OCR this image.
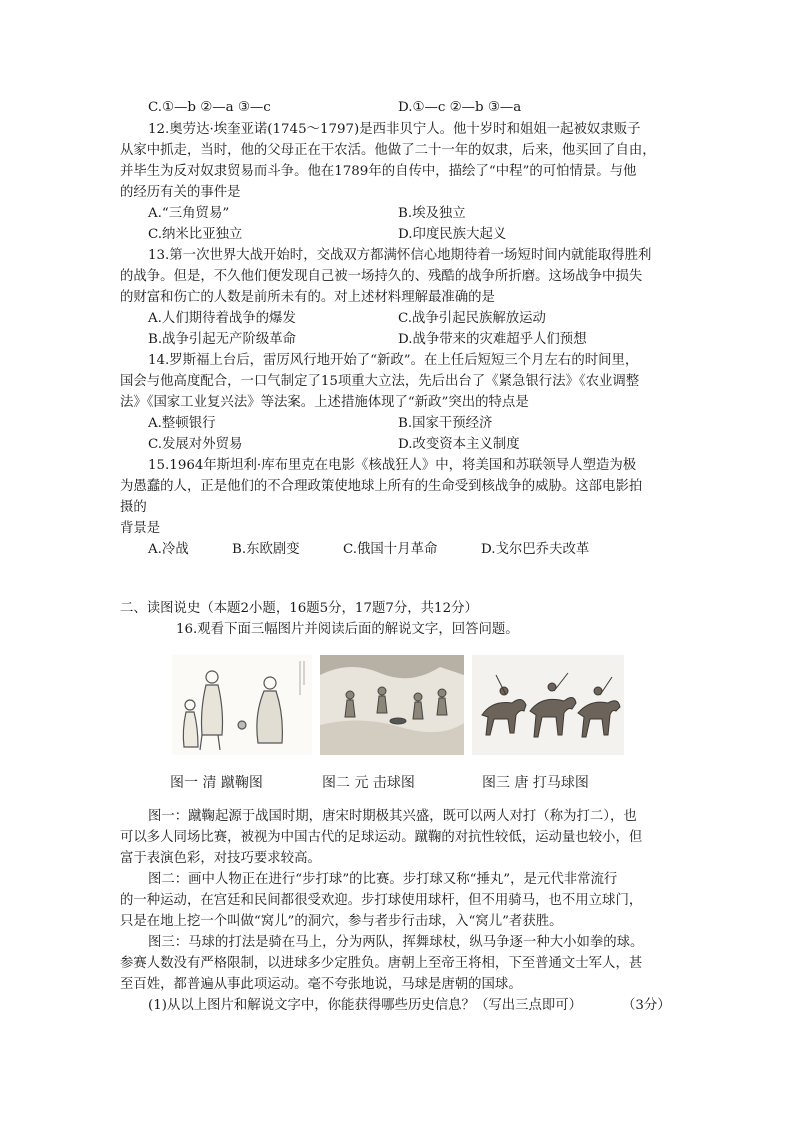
C.①—b ②—a ③—c	D.①—c ②—b ③—a
12.奥劳达·埃奎亚诺(1745～1797)是西非贝宁人。他十岁时和姐姐一起被奴隶贩子
从家中抓走，当时，他的父母正在干农活。他做了二十一年的奴隶，后来，他买回了自由，
并毕生为反对奴隶贸易而斗争。他在1789年的自传中，描绘了“中程”的可怕情景。与他
的经历有关的事件是
A.“三角贸易”	B.埃及独立
C.纳米比亚独立	D.印度民族大起义
13.第一次世界大战开始时，交战双方都满怀信心地期待着一场短时间内就能取得胜利
的战争。但是，不久他们便发现自己被一场持久的、残酷的战争所折磨。这场战争中损失
的财富和伤亡的人数是前所未有的。对上述材料理解最准确的是
A.人们期待着战争的爆发	C.战争引起民族解放运动
B.战争引起无产阶级革命	D.战争带来的灾难超乎人们预想
14.罗斯福上台后，雷厉风行地开始了“新政”。在上任后短短三个月左右的时间里，
国会与他高度配合，一口气制定了15项重大立法，先后出台了《紧急银行法》《农业调整
法》《国家工业复兴法》等法案。上述措施体现了“新政”突出的特点是
A.整顿银行	B.国家干预经济
C.发展对外贸易	D.改变资本主义制度
15.1964年斯坦利·库布里克在电影《核战狂人》中，将美国和苏联领导人塑造为极
为愚蠢的人，正是他们的不合理政策使地球上所有的生命受到核战争的威胁。这部电影拍
摄的
背景是
A.冷战	B.东欧剧变	C.俄国十月革命	D.戈尔巴乔夫改革
二、读图说史（本题2小题，16题5分，17题7分，共12分）
16.观看下面三幅图片并阅读后面的解说文字，回答问题。
图一 清 蹴鞠图	图二 元 击球图	图三 唐 打马球图
图一：蹴鞠起源于战国时期，唐宋时期极其兴盛，既可以两人对打（称为打二），也
可以多人同场比赛，被视为中国古代的足球运动。蹴鞠的对抗性较低，运动量也较小，但
富于表演色彩，对技巧要求较高。
图二：画中人物正在进行“步打球”的比赛。步打球又称“捶丸”，是元代非常流行
的一种运动，在宫廷和民间都很受欢迎。步打球使用球杆，但不用骑马，也不用立球门，
只是在地上挖一个叫做“窝儿”的洞穴，参与者步行击球，入“窝儿”者获胜。
图三：马球的打法是骑在马上，分为两队，挥舞球杖，纵马争逐一种大小如拳的球。
参赛人数没有严格限制，以进球多少定胜负。唐朝上至帝王将相，下至普通文士军人，甚
至百姓，都普遍从事此项运动。毫不夸张地说，马球是唐朝的国球。
(1)从以上图片和解说文字中，你能获得哪些历史信息？（写出三点即可）	（3分）
